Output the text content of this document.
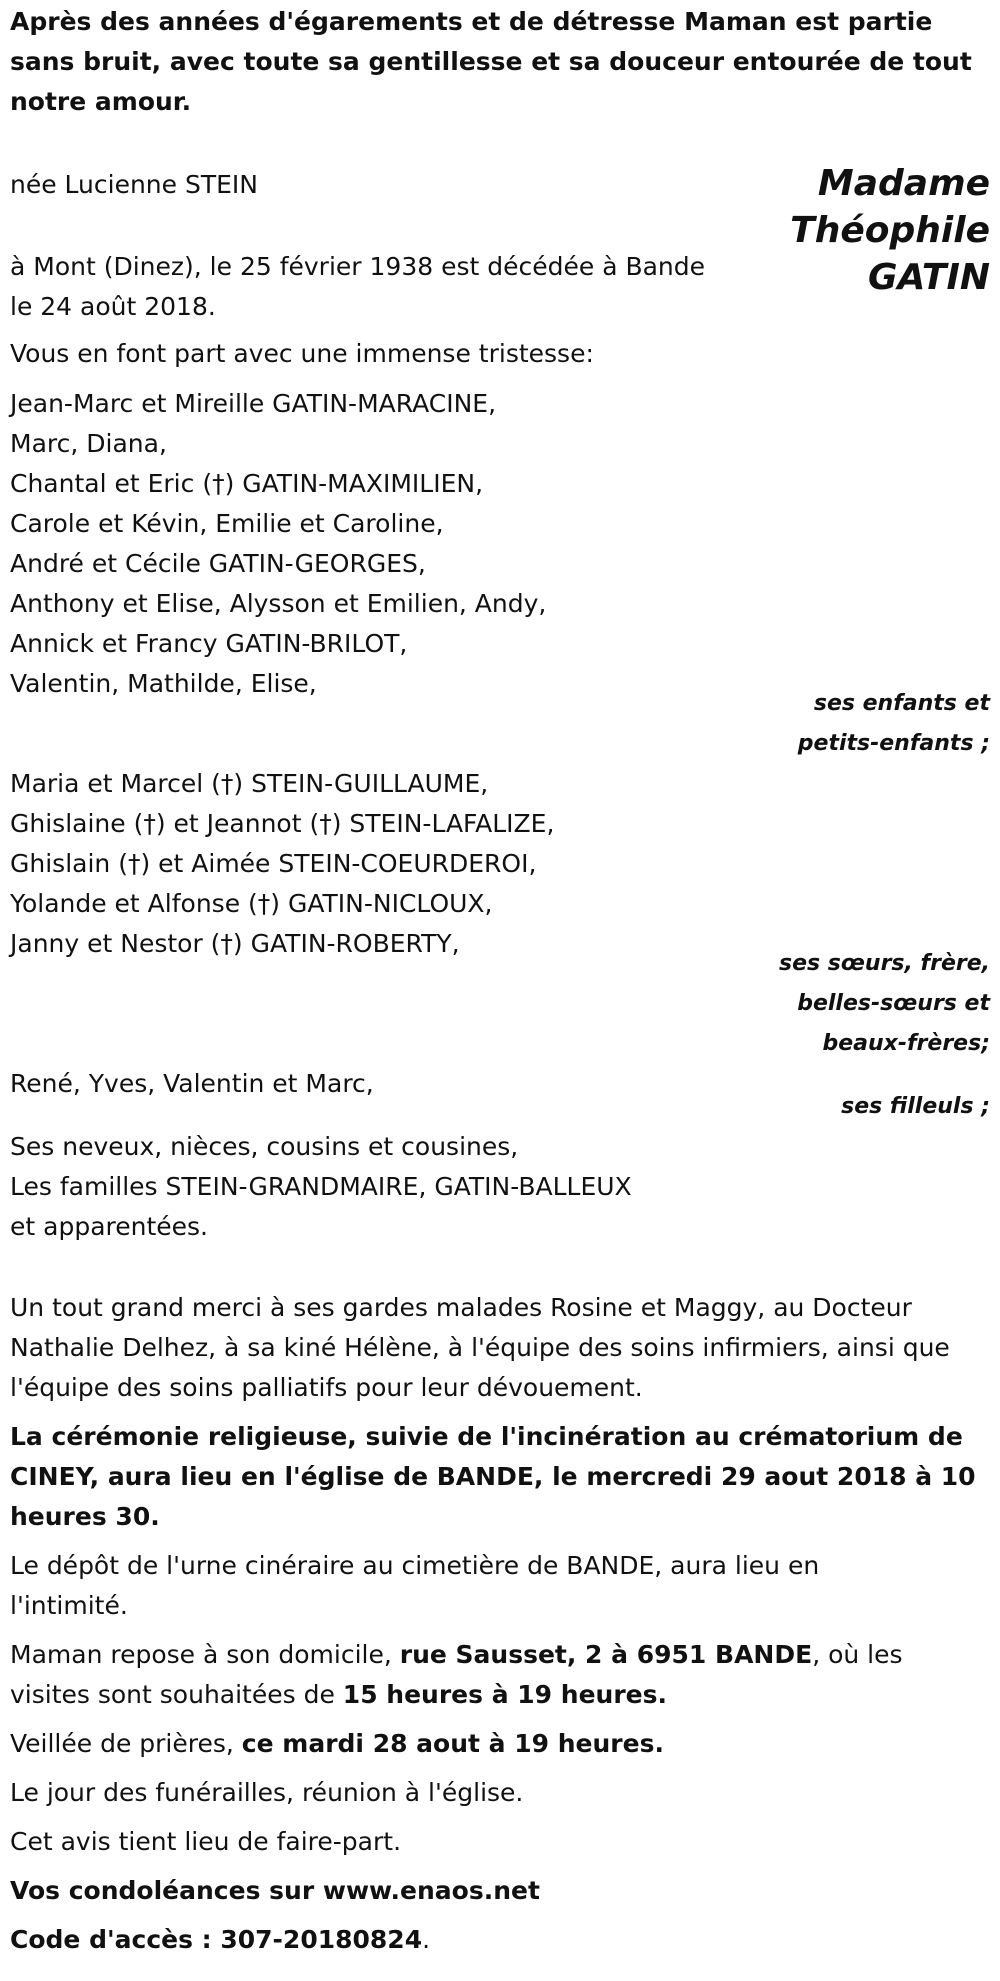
Après des années d'égarements et de détresse Maman est partie sans bruit, avec toute sa gentillesse et sa douceur entourée de tout notre amour.

née Lucienne STEIN	Madame
Théophile
GATIN

à Mont (Dinez), le 25 février 1938 est décédée à Bande

le 24 août 2018.

Vous en font part avec une immense tristesse:

Jean-Marc et Mireille GATIN-MARACINE,

Marc, Diana,

Chantal et Eric (†) GATIN-MAXIMILIEN,

Carole et Kévin, Emilie et Caroline,

André et Cécile GATIN-GEORGES,

Anthony et Elise, Alysson et Emilien, Andy,

Annick et Francy GATIN-BRILOT,

Valentin, Mathilde, Elise,

ses enfants et
petits-enfants ;

Maria et Marcel (†) STEIN-GUILLAUME,

Ghislaine (†) et Jeannot (†) STEIN-LAFALIZE,

Ghislain (†) et Aimée STEIN-COEURDEROI,

Yolande et Alfonse (†) GATIN-NICLOUX,

Janny et Nestor (†) GATIN-ROBERTY,

ses sœurs, frère,
belles-sœurs et
beaux-frères;

René, Yves, Valentin et Marc,

ses filleuls ;

Ses neveux, nièces, cousins et cousines,

Les familles STEIN-GRANDMAIRE, GATIN-BALLEUX

et apparentées.

Un tout grand merci à ses gardes malades Rosine et Maggy, au Docteur

Nathalie Delhez, à sa kiné Hélène, à l'équipe des soins infirmiers, ainsi que

l'équipe des soins palliatifs pour leur dévouement.

La cérémonie religieuse, suivie de l'incinération au crématorium de

CINEY, aura lieu en l'église de BANDE, le mercredi 29 aout 2018 à 10

heures 30.

Le dépôt de l'urne cinéraire au cimetière de BANDE, aura lieu en

l'intimité.

Maman repose à son domicile, rue Sausset, 2 à 6951 BANDE, où les

visites sont souhaitées de 15 heures à 19 heures.

Veillée de prières, ce mardi 28 aout à 19 heures.

Le jour des funérailles, réunion à l'église.

Cet avis tient lieu de faire-part.

Vos condoléances sur www.enaos.net

Code d'accès : 307-20180824.
